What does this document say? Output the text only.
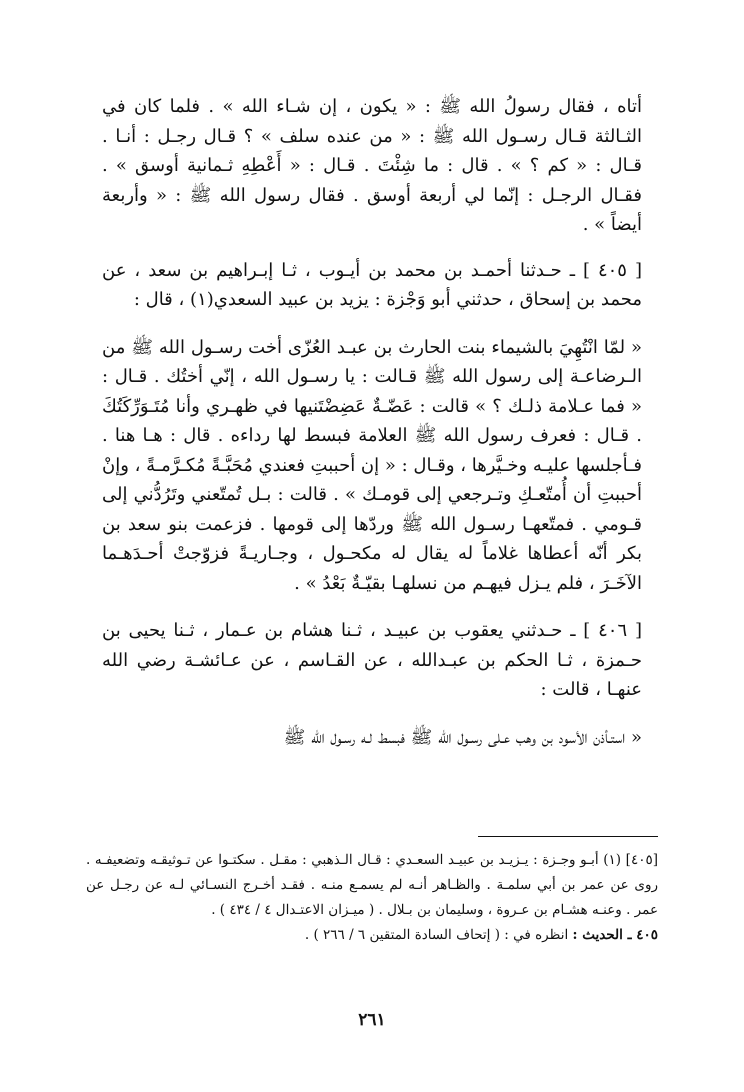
أتاه ، فقال رسولُ الله ﷺ : « يكون ، إن شـاء الله » . فلما كان في الثـالثة قـال رسـول الله ﷺ : « من عنده سلف » ؟ قـال رجـل : أنـا . قـال : « كم ؟ » . قال : ما شِئْتَ . قـال : « أَعْطِهِ ثـمانية أوسق » . فقـال الرجـل : إنّما لي أربعة أوسق . فقال رسول الله ﷺ : « وأربعة أيضاً » .

[ ٤٠٥ ] ـ حـدثنا أحمـد بن محمد بن أيـوب ، ثـا إبـراهيم بن سعد ، عن محمد بن إسحاق ، حدثني أبو وَجْزة : يزيد بن عبيد السعدي(١) ، قال :

« لمّا انْتُهِيَ بالشيماء بنت الحارث بن عبـد العُزّى أخت رسـول الله ﷺ من الـرضاعـة إلى رسول الله ﷺ قـالت : يا رسـول الله ، إنّي أختُك . قـال : « فما عـلامة ذلـك ؟ » قالت : عَضّـةٌ عَضِضْتَنيها في ظهـري وأنا مُتَـوَرِّكَتُكَ . قـال : فعرف رسول الله ﷺ العلامة فبسط لها رداءه . قال : هـا هنا . فـأجلسها عليـه وخـيَّرها ، وقـال : « إن أحببتِ فعندي مُحَبَّـةً مُكـرَّمـةً ، وإنْ أحببتِ أن أُمتّعـكِ وتـرجعي إلى قومـك » . قالت : بـل تُمتّعني وتَرُدُّني إلى قـومي . فمتّعهـا رسـول الله ﷺ وردّها إلى قومها . فزعمت بنو سعد بن بكر أنّه أعطاها غلاماً له يقال له مكحـول ، وجـاريـةً فزوّجتْ أحـدَهـما الآخَـرَ ، فلم يـزل فيهـم من نسلهـا بقيّـةٌ بَعْدُ » .

[ ٤٠٦ ] ـ حـدثني يعقوب بن عبيـد ، ثـنا هشام بن عـمار ، ثـنا يحيى بن حـمزة ، ثـا الحكم بن عبـدالله ، عن القـاسم ، عن عـائشـة رضي الله عنهـا ، قالت :

« استـأذن الأسود بن وهب عـلى رسـول الله ﷺ فبسط لـه رسـول الله ﷺ

[٤٠٥] (١) أبـو وجـزة : يـزيـد بن عبيـد السعـدي : قـال الـذهبي : مقـل . سكتـوا عن تـوثيقـه وتضعيفـه . روى عن عمر بن أبي سلمـة . والظـاهر أنـه لم يسمـع منـه . فقـد أخـرج النسـائي لـه عن رجـل عن عمر . وعنـه هشـام بن عـروة ، وسليمان بن بـلال . ( ميـزان الاعتـدال ٤ / ٤٣٤ ) .

٤٠٥ ـ الحديث : انظره في : ( إتحاف السادة المتقين ٦ / ٢٦٦ ) .

٢٦١
